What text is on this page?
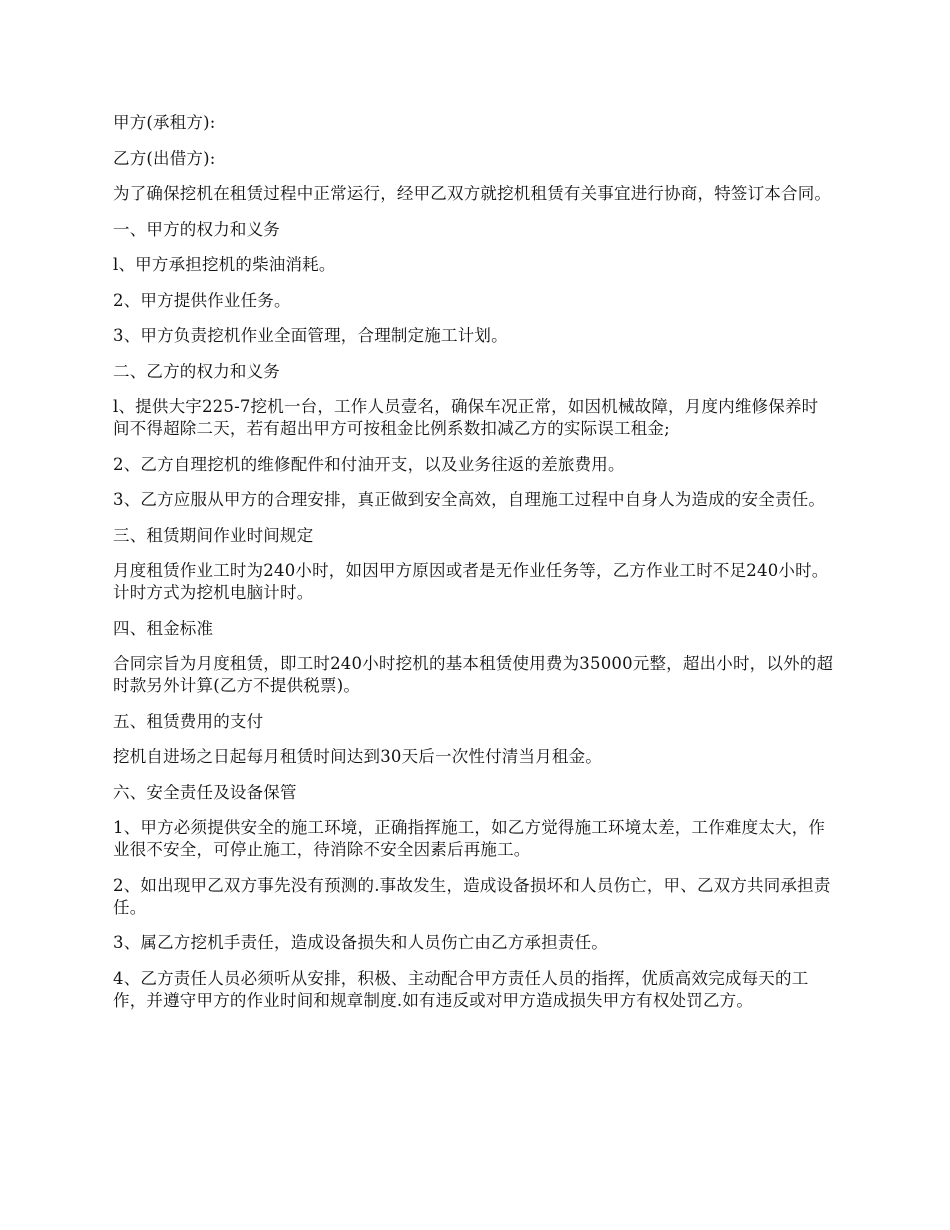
甲方(承租方):

乙方(出借方):

为了确保挖机在租赁过程中正常运行，经甲乙双方就挖机租赁有关事宜进行协商，特签订本合同。

一、甲方的权力和义务

l、甲方承担挖机的柴油消耗。

2、甲方提供作业任务。

3、甲方负责挖机作业全面管理，合理制定施工计划。

二、乙方的权力和义务

l、提供大宇225-7挖机一台，工作人员壹名，确保车况正常，如因机械故障，月度内维修保养时间不得超除二天，若有超出甲方可按租金比例系数扣减乙方的实际误工租金;

2、乙方自理挖机的维修配件和付油开支，以及业务往返的差旅费用。

3、乙方应服从甲方的合理安排，真正做到安全高效，自理施工过程中自身人为造成的安全责任。

三、租赁期间作业时间规定

月度租赁作业工时为240小时，如因甲方原因或者是无作业任务等，乙方作业工时不足240小时。计时方式为挖机电脑计时。

四、租金标准

合同宗旨为月度租赁，即工时240小时挖机的基本租赁使用费为35000元整，超出小时，以外的超时款另外计算(乙方不提供税票)。

五、租赁费用的支付

挖机自进场之日起每月租赁时间达到30天后一次性付清当月租金。

六、安全责任及设备保管

1、甲方必须提供安全的施工环境，正确指挥施工，如乙方觉得施工环境太差，工作难度太大，作业很不安全，可停止施工，待消除不安全因素后再施工。

2、如出现甲乙双方事先没有预测的.事故发生，造成设备损坏和人员伤亡，甲、乙双方共同承担责任。

3、属乙方挖机手责任，造成设备损失和人员伤亡由乙方承担责任。

4、乙方责任人员必须听从安排，积极、主动配合甲方责任人员的指挥，优质高效完成每天的工作，并遵守甲方的作业时间和规章制度.如有违反或对甲方造成损失甲方有权处罚乙方。
